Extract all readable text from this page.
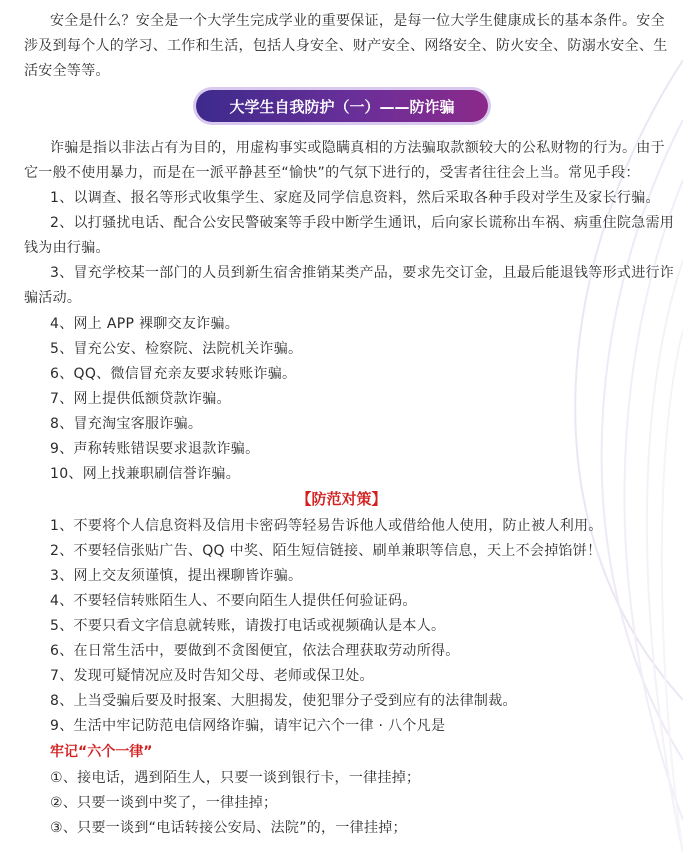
安全是什么？安全是一个大学生完成学业的重要保证，是每一位大学生健康成长的基本条件。安全
涉及到每个人的学习、工作和生活，包括人身安全、财产安全、网络安全、防火安全、防溺水安全、生
活安全等等。
大学生自我防护（一）——防诈骗
诈骗是指以非法占有为目的，用虚构事实或隐瞒真相的方法骗取款额较大的公私财物的行为。由于
它一般不使用暴力，而是在一派平静甚至“愉快”的气氛下进行的，受害者往往会上当。常见手段：
1、以调查、报名等形式收集学生、家庭及同学信息资料，然后采取各种手段对学生及家长行骗。
2、以打骚扰电话、配合公安民警破案等手段中断学生通讯，后向家长谎称出车祸、病重住院急需用
钱为由行骗。
3、冒充学校某一部门的人员到新生宿舍推销某类产品，要求先交订金，且最后能退钱等形式进行诈
骗活动。
4、网上 APP 裸聊交友诈骗。
5、冒充公安、检察院、法院机关诈骗。
6、QQ、微信冒充亲友要求转账诈骗。
7、网上提供低额贷款诈骗。
8、冒充淘宝客服诈骗。
9、声称转账错误要求退款诈骗。
10、网上找兼职刷信誉诈骗。
【防范对策】
1、不要将个人信息资料及信用卡密码等轻易告诉他人或借给他人使用，防止被人利用。
2、不要轻信张贴广告、QQ 中奖、陌生短信链接、刷单兼职等信息，天上不会掉馅饼！
3、网上交友须谨慎，提出裸聊皆诈骗。
4、不要轻信转账陌生人、不要向陌生人提供任何验证码。
5、不要只看文字信息就转账，请拨打电话或视频确认是本人。
6、在日常生活中，要做到不贪图便宜，依法合理获取劳动所得。
7、发现可疑情况应及时告知父母、老师或保卫处。
8、上当受骗后要及时报案、大胆揭发，使犯罪分子受到应有的法律制裁。
9、生活中牢记防范电信网络诈骗，请牢记六个一律 · 八个凡是
牢记“六个一律”
①、接电话，遇到陌生人，只要一谈到银行卡，一律挂掉；
②、只要一谈到中奖了，一律挂掉；
③、只要一谈到“电话转接公安局、法院”的，一律挂掉；
